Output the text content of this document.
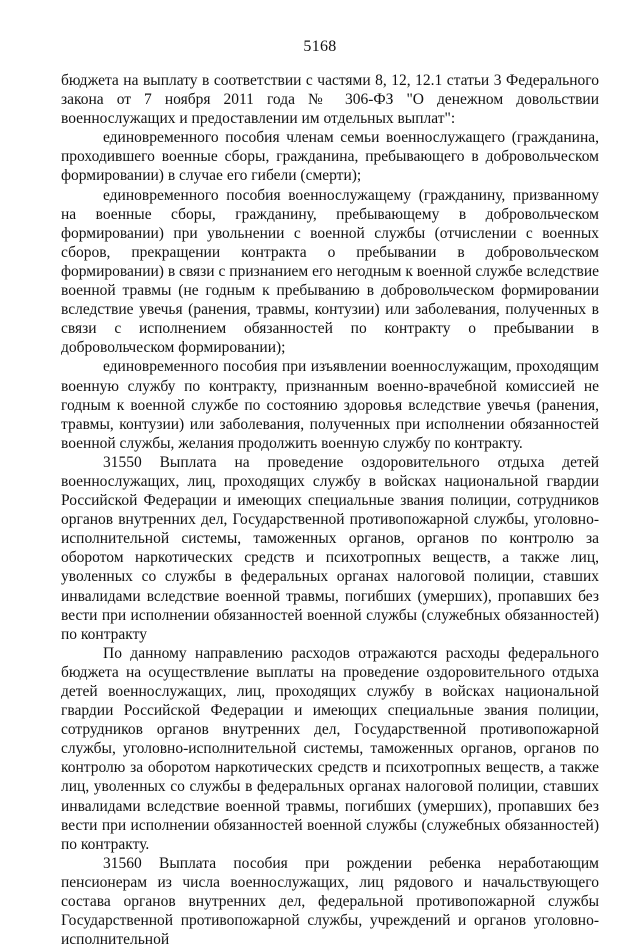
5168

бюджета на выплату в соответствии с частями 8, 12, 12.1 статьи 3 Федерального закона от 7 ноября 2011 года № 306-ФЗ "О денежном довольствии военнослужащих и предоставлении им отдельных выплат":

единовременного пособия членам семьи военнослужащего (гражданина, проходившего военные сборы, гражданина, пребывающего в добровольческом формировании) в случае его гибели (смерти);

единовременного пособия военнослужащему (гражданину, призванному на военные сборы, гражданину, пребывающему в добровольческом формировании) при увольнении с военной службы (отчислении с военных сборов, прекращении контракта о пребывании в добровольческом формировании) в связи с признанием его негодным к военной службе вследствие военной травмы (не годным к пребыванию в добровольческом формировании вследствие увечья (ранения, травмы, контузии) или заболевания, полученных в связи с исполнением обязанностей по контракту о пребывании в добровольческом формировании);

единовременного пособия при изъявлении военнослужащим, проходящим военную службу по контракту, признанным военно-врачебной комиссией не годным к военной службе по состоянию здоровья вследствие увечья (ранения, травмы, контузии) или заболевания, полученных при исполнении обязанностей военной службы, желания продолжить военную службу по контракту.

31550 Выплата на проведение оздоровительного отдыха детей военнослужащих, лиц, проходящих службу в войсках национальной гвардии Российской Федерации и имеющих специальные звания полиции, сотрудников органов внутренних дел, Государственной противопожарной службы, уголовно-исполнительной системы, таможенных органов, органов по контролю за оборотом наркотических средств и психотропных веществ, а также лиц, уволенных со службы в федеральных органах налоговой полиции, ставших инвалидами вследствие военной травмы, погибших (умерших), пропавших без вести при исполнении обязанностей военной службы (служебных обязанностей) по контракту

По данному направлению расходов отражаются расходы федерального бюджета на осуществление выплаты на проведение оздоровительного отдыха детей военнослужащих, лиц, проходящих службу в войсках национальной гвардии Российской Федерации и имеющих специальные звания полиции, сотрудников органов внутренних дел, Государственной противопожарной службы, уголовно-исполнительной системы, таможенных органов, органов по контролю за оборотом наркотических средств и психотропных веществ, а также лиц, уволенных со службы в федеральных органах налоговой полиции, ставших инвалидами вследствие военной травмы, погибших (умерших), пропавших без вести при исполнении обязанностей военной службы (служебных обязанностей) по контракту.

31560 Выплата пособия при рождении ребенка неработающим пенсионерам из числа военнослужащих, лиц рядового и начальствующего состава органов внутренних дел, федеральной противопожарной службы Государственной противопожарной службы, учреждений и органов уголовно-исполнительной
